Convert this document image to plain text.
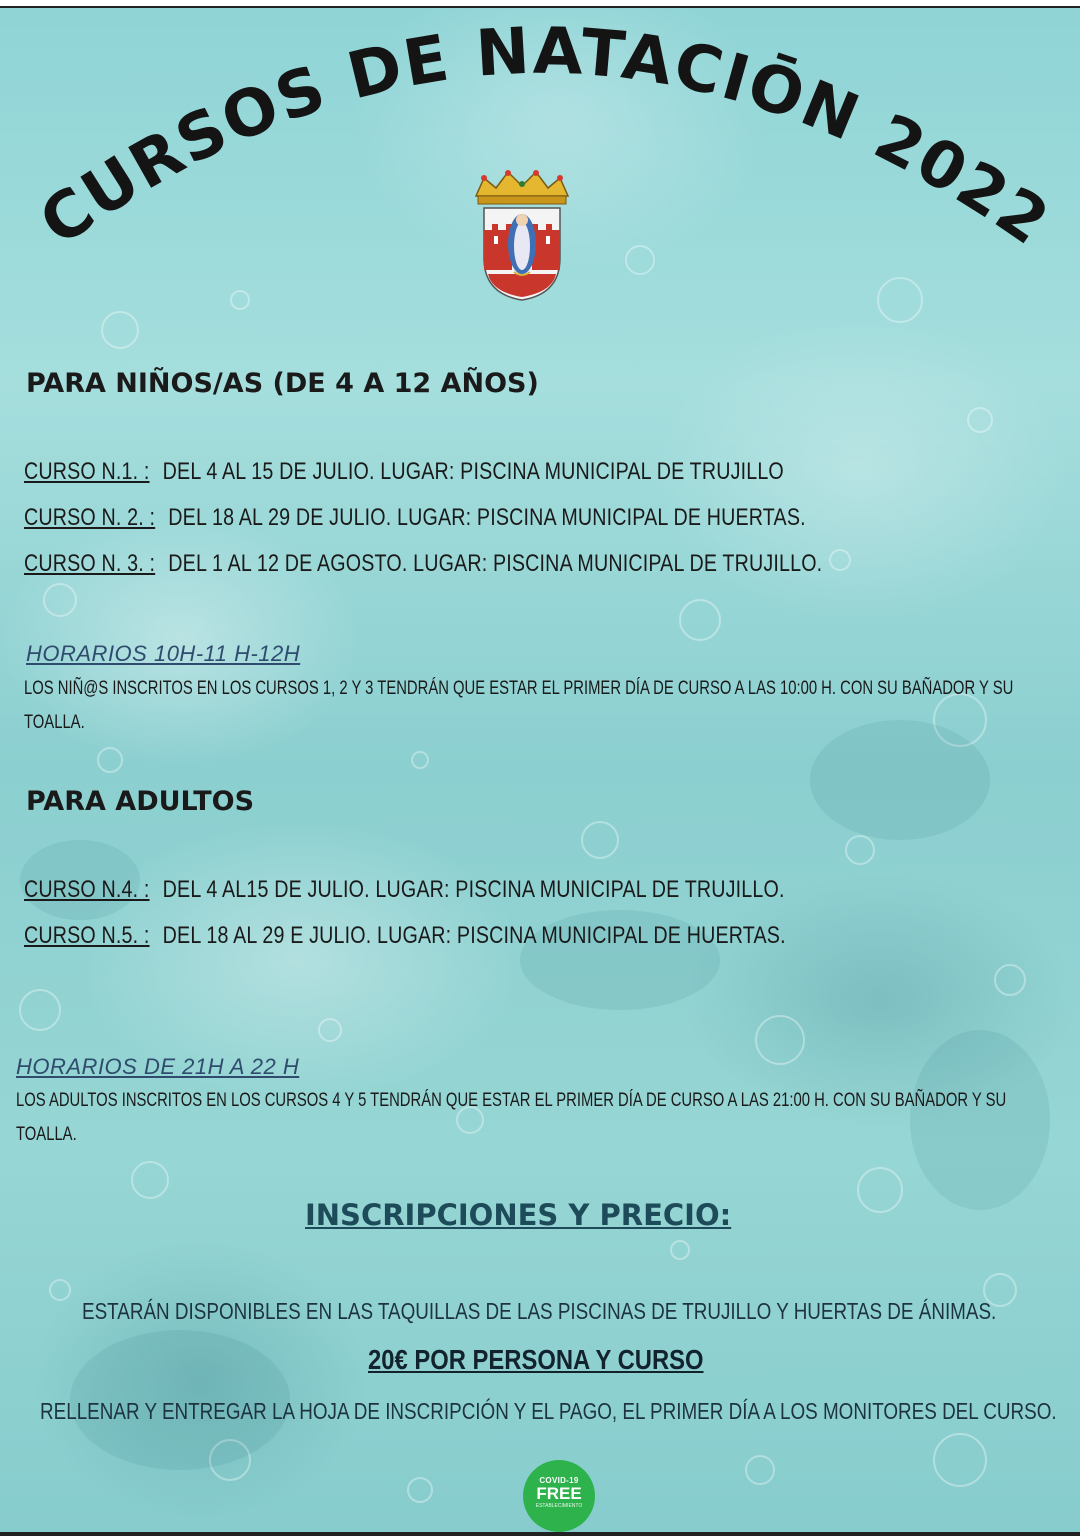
CURSOS DE NATACIŌN 2022
PARA NIÑOS/AS (DE 4 A 12 AÑOS)
CURSO N.1. : DEL 4 AL 15 DE JULIO. LUGAR: PISCINA MUNICIPAL DE TRUJILLO
CURSO N. 2. : DEL 18 AL 29 DE JULIO. LUGAR: PISCINA MUNICIPAL DE HUERTAS.
CURSO N. 3. : DEL 1 AL 12 DE AGOSTO. LUGAR: PISCINA MUNICIPAL DE TRUJILLO.
HORARIOS 10H-11 H-12H
LOS NIÑ@S INSCRITOS EN LOS CURSOS 1, 2 Y 3 TENDRÁN QUE ESTAR EL PRIMER DÍA DE CURSO A LAS 10:00 H. CON SU BAÑADOR Y SU
TOALLA.
PARA ADULTOS
CURSO N.4. : DEL 4 AL15 DE JULIO. LUGAR: PISCINA MUNICIPAL DE TRUJILLO.
CURSO N.5. : DEL 18 AL 29 E JULIO. LUGAR: PISCINA MUNICIPAL DE HUERTAS.
HORARIOS DE 21H A 22 H
LOS ADULTOS INSCRITOS EN LOS CURSOS 4 Y 5 TENDRÁN QUE ESTAR EL PRIMER DÍA DE CURSO A LAS 21:00 H. CON SU BAÑADOR Y SU
TOALLA.
INSCRIPCIONES Y PRECIO:
ESTARÁN DISPONIBLES EN LAS TAQUILLAS DE LAS PISCINAS DE TRUJILLO Y HUERTAS DE ÁNIMAS.
20€ POR PERSONA Y CURSO
RELLENAR Y ENTREGAR LA HOJA DE INSCRIPCIÓN Y EL PAGO, EL PRIMER DÍA A LOS MONITORES DEL CURSO.
COVID-19
FREE
ESTABLECIMIENTO
